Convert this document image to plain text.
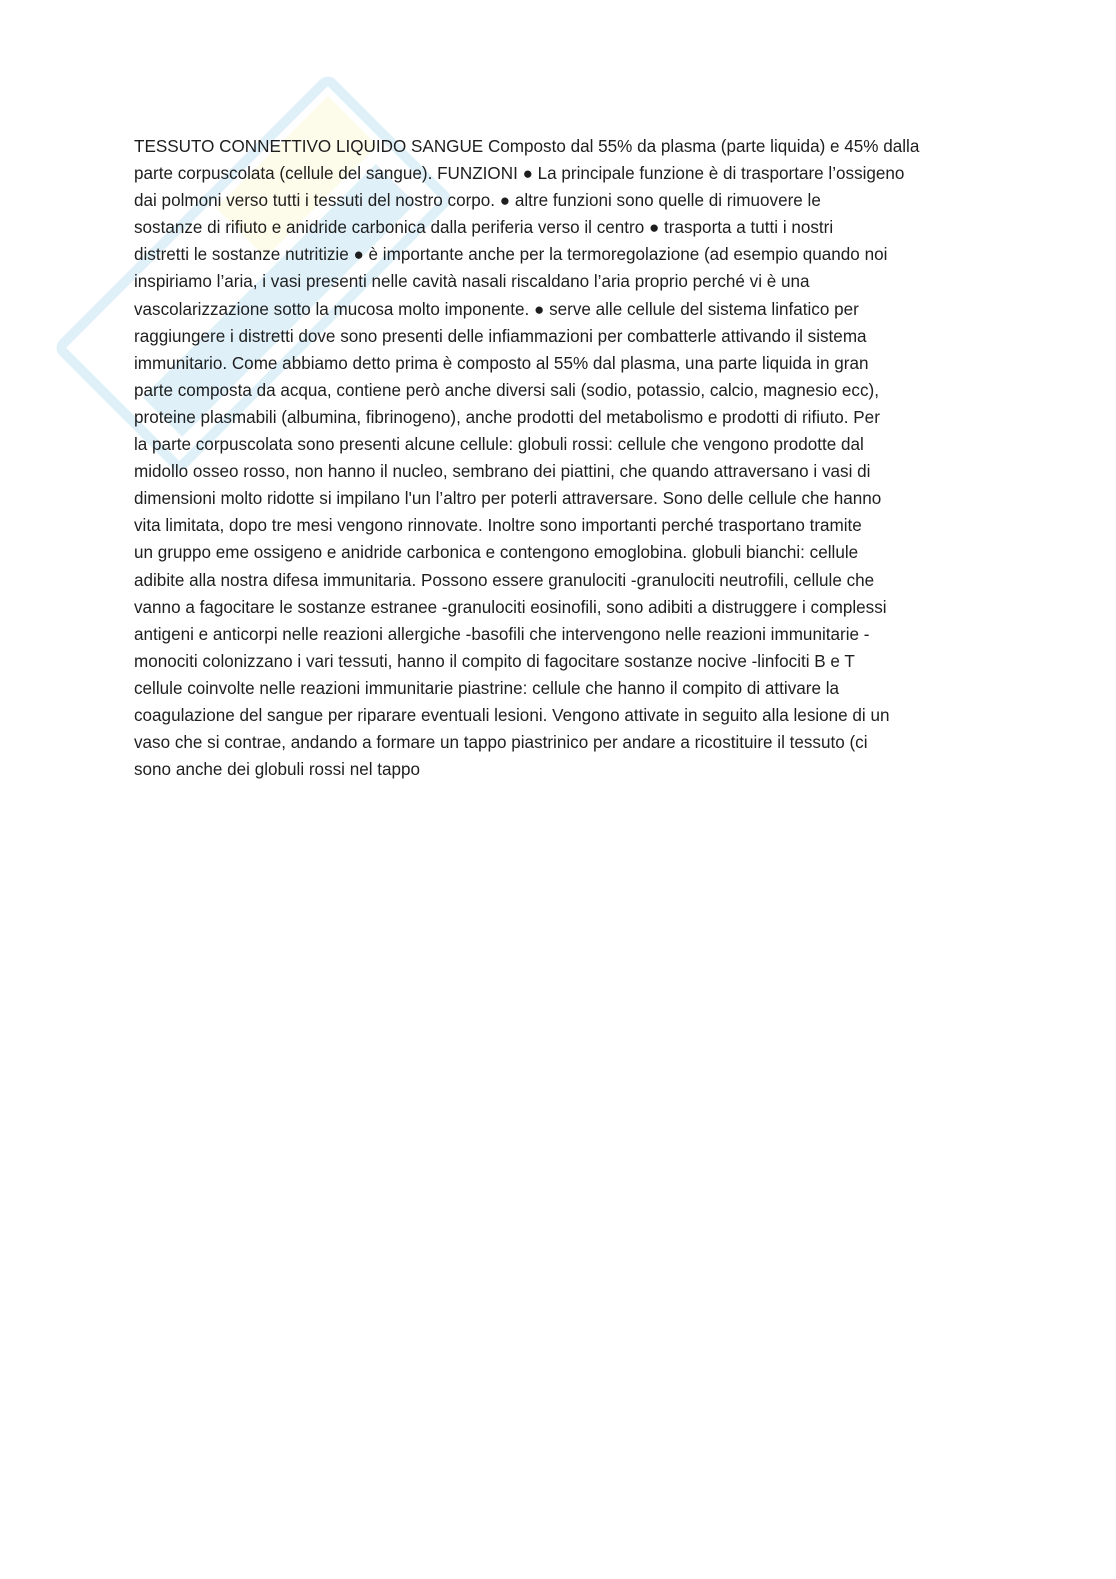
TESSUTO CONNETTIVO LIQUIDO SANGUE Composto dal 55% da plasma (parte liquida) e 45% dalla
parte corpuscolata (cellule del sangue). FUNZIONI ● La principale funzione è di trasportare l’ossigeno
dai polmoni verso tutti i tessuti del nostro corpo. ● altre funzioni sono quelle di rimuovere le
sostanze di rifiuto e anidride carbonica dalla periferia verso il centro ● trasporta a tutti i nostri
distretti le sostanze nutritizie ● è importante anche per la termoregolazione (ad esempio quando noi
inspiriamo l’aria, i vasi presenti nelle cavità nasali riscaldano l’aria proprio perché vi è una
vascolarizzazione sotto la mucosa molto imponente. ● serve alle cellule del sistema linfatico per
raggiungere i distretti dove sono presenti delle infiammazioni per combatterle attivando il sistema
immunitario. Come abbiamo detto prima è composto al 55% dal plasma, una parte liquida in gran
parte composta da acqua, contiene però anche diversi sali (sodio, potassio, calcio, magnesio ecc),
proteine plasmabili (albumina, fibrinogeno), anche prodotti del metabolismo e prodotti di rifiuto. Per
la parte corpuscolata sono presenti alcune cellule: globuli rossi: cellule che vengono prodotte dal
midollo osseo rosso, non hanno il nucleo, sembrano dei piattini, che quando attraversano i vasi di
dimensioni molto ridotte si impilano l'un l’altro per poterli attraversare. Sono delle cellule che hanno
vita limitata, dopo tre mesi vengono rinnovate. Inoltre sono importanti perché trasportano tramite
un gruppo eme ossigeno e anidride carbonica e contengono emoglobina. globuli bianchi: cellule
adibite alla nostra difesa immunitaria. Possono essere granulociti -granulociti neutrofili, cellule che
vanno a fagocitare le sostanze estranee -granulociti eosinofili, sono adibiti a distruggere i complessi
antigeni e anticorpi nelle reazioni allergiche -basofili che intervengono nelle reazioni immunitarie -
monociti colonizzano i vari tessuti, hanno il compito di fagocitare sostanze nocive -linfociti B e T
cellule coinvolte nelle reazioni immunitarie piastrine: cellule che hanno il compito di attivare la
coagulazione del sangue per riparare eventuali lesioni. Vengono attivate in seguito alla lesione di un
vaso che si contrae, andando a formare un tappo piastrinico per andare a ricostituire il tessuto (ci
sono anche dei globuli rossi nel tappo
